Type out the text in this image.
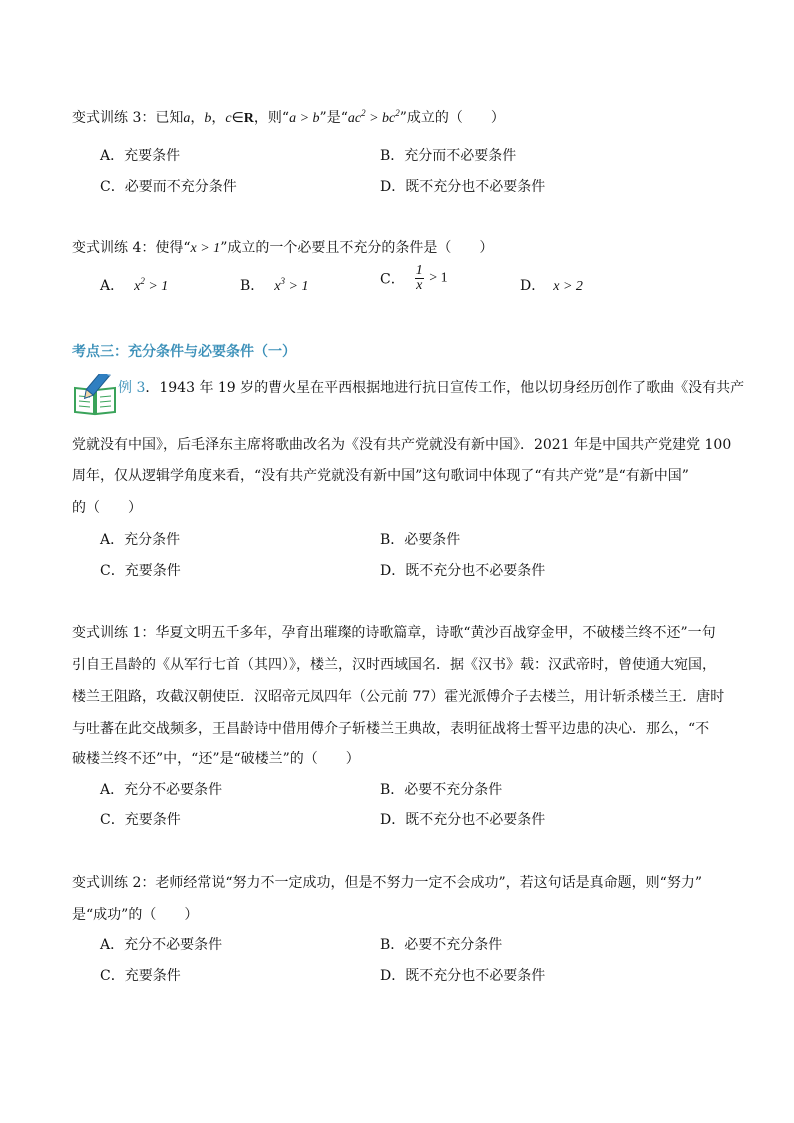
变式训练 3：已知a，b，c∈R，则“a > b”是“$ac^2 > bc^2$”成立的（　　）
A．充要条件	B．充分而不必要条件
C．必要而不充分条件	D．既不充分也不必要条件
变式训练 4：使得“x > 1”成立的一个必要且不充分的条件是（　　）
A． $x^2 > 1$	B． $x^3 > 1$	C． $\frac{1}{x} > 1$	D． x > 2
考点三：充分条件与必要条件（一）
例 3．1943 年 19 岁的曹火星在平西根据地进行抗日宣传工作，他以切身经历创作了歌曲《没有共产
党就没有中国》，后毛泽东主席将歌曲改名为《没有共产党就没有新中国》．2021 年是中国共产党建党 100
周年，仅从逻辑学角度来看，“没有共产党就没有新中国”这句歌词中体现了“有共产党”是“有新中国”
的（　　）
A．充分条件	B．必要条件
C．充要条件	D．既不充分也不必要条件
变式训练 1：华夏文明五千多年，孕育出璀璨的诗歌篇章，诗歌“黄沙百战穿金甲，不破楼兰终不还”一句
引自王昌龄的《从军行七首（其四）》，楼兰，汉时西域国名．据《汉书》载：汉武帝时，曾使通大宛国，
楼兰王阻路，攻截汉朝使臣．汉昭帝元凤四年（公元前 77）霍光派傅介子去楼兰，用计斩杀楼兰王．唐时
与吐蕃在此交战频多，王昌龄诗中借用傅介子斩楼兰王典故，表明征战将士誓平边患的决心．那么，“不
破楼兰终不还”中，“还”是“破楼兰”的（　　）
A．充分不必要条件	B．必要不充分条件
C．充要条件	D．既不充分也不必要条件
变式训练 2：老师经常说“努力不一定成功，但是不努力一定不会成功”，若这句话是真命题，则“努力”
是“成功”的（　　）
A．充分不必要条件	B．必要不充分条件
C．充要条件	D．既不充分也不必要条件
